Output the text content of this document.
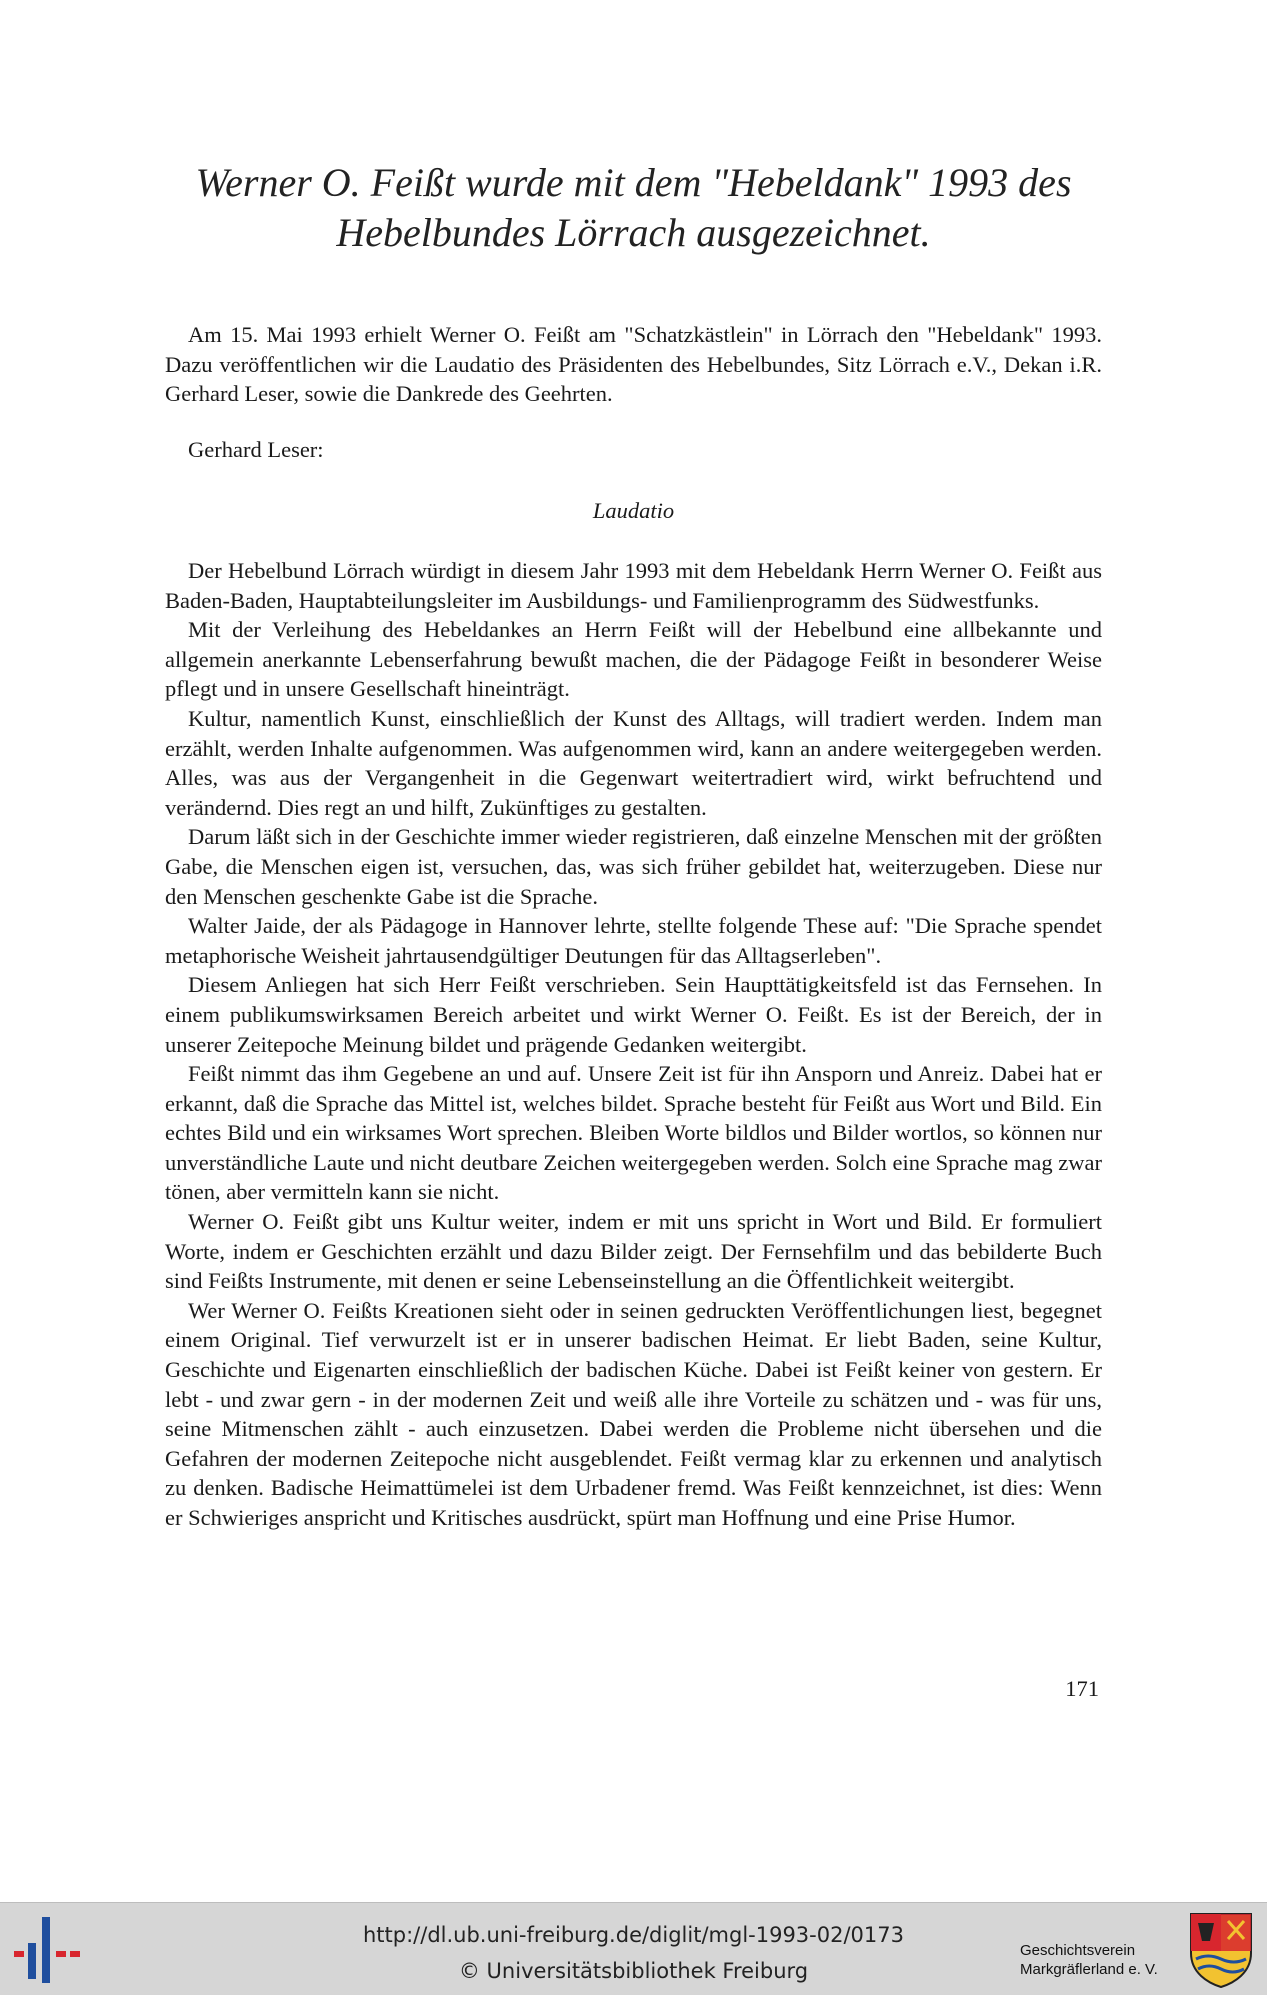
Werner O. Feißt wurde mit dem "Hebeldank" 1993 des
Hebelbundes Lörrach ausgezeichnet.

Am 15. Mai 1993 erhielt Werner O. Feißt am "Schatzkästlein" in Lörrach den "Hebeldank" 1993. Dazu veröffentlichen wir die Laudatio des Präsidenten des Hebelbundes, Sitz Lörrach e.V., Dekan i.R. Gerhard Leser, sowie die Dankrede des Geehrten.

Gerhard Leser:
Laudatio

Der Hebelbund Lörrach würdigt in diesem Jahr 1993 mit dem Hebeldank Herrn Werner O. Feißt aus Baden-Baden, Hauptabteilungsleiter im Ausbildungs- und Familienprogramm des Südwestfunks.

Mit der Verleihung des Hebeldankes an Herrn Feißt will der Hebelbund eine allbekannte und allgemein anerkannte Lebenserfahrung bewußt machen, die der Pädagoge Feißt in besonderer Weise pflegt und in unsere Gesellschaft hineinträgt.

Kultur, namentlich Kunst, einschließlich der Kunst des Alltags, will tradiert werden. Indem man erzählt, werden Inhalte aufgenommen. Was aufgenommen wird, kann an andere weitergegeben werden. Alles, was aus der Vergangenheit in die Gegenwart weitertradiert wird, wirkt befruchtend und verändernd. Dies regt an und hilft, Zukünftiges zu gestalten.

Darum läßt sich in der Geschichte immer wieder registrieren, daß einzelne Menschen mit der größten Gabe, die Menschen eigen ist, versuchen, das, was sich früher gebildet hat, weiterzugeben. Diese nur den Menschen geschenkte Gabe ist die Sprache.

Walter Jaide, der als Pädagoge in Hannover lehrte, stellte folgende These auf: "Die Sprache spendet metaphorische Weisheit jahrtausendgültiger Deutungen für das Alltagserleben".

Diesem Anliegen hat sich Herr Feißt verschrieben. Sein Haupttätigkeitsfeld ist das Fernsehen. In einem publikumswirksamen Bereich arbeitet und wirkt Werner O. Feißt. Es ist der Bereich, der in unserer Zeitepoche Meinung bildet und prägende Gedanken weitergibt.

Feißt nimmt das ihm Gegebene an und auf. Unsere Zeit ist für ihn Ansporn und Anreiz. Dabei hat er erkannt, daß die Sprache das Mittel ist, welches bildet. Sprache besteht für Feißt aus Wort und Bild. Ein echtes Bild und ein wirksames Wort sprechen. Bleiben Worte bildlos und Bilder wortlos, so können nur unverständliche Laute und nicht deutbare Zeichen weitergegeben werden. Solch eine Sprache mag zwar tönen, aber vermitteln kann sie nicht.

Werner O. Feißt gibt uns Kultur weiter, indem er mit uns spricht in Wort und Bild. Er formuliert Worte, indem er Geschichten erzählt und dazu Bilder zeigt. Der Fernsehfilm und das bebilderte Buch sind Feißts Instrumente, mit denen er seine Lebenseinstellung an die Öffentlichkeit weitergibt.

Wer Werner O. Feißts Kreationen sieht oder in seinen gedruckten Veröffentlichungen liest, begegnet einem Original. Tief verwurzelt ist er in unserer badischen Heimat. Er liebt Baden, seine Kultur, Geschichte und Eigenarten einschließlich der badischen Küche. Dabei ist Feißt keiner von gestern. Er lebt - und zwar gern - in der modernen Zeit und weiß alle ihre Vorteile zu schätzen und - was für uns, seine Mitmenschen zählt - auch einzusetzen. Dabei werden die Probleme nicht übersehen und die Gefahren der modernen Zeitepoche nicht ausgeblendet. Feißt vermag klar zu erkennen und analytisch zu denken. Badische Heimattümelei ist dem Urbadener fremd. Was Feißt kennzeichnet, ist dies: Wenn er Schwieriges anspricht und Kritisches ausdrückt, spürt man Hoffnung und eine Prise Humor.

171
http://dl.ub.uni-freiburg.de/diglit/mgl-1993-02/0173
© Universitätsbibliothek Freiburg
Geschichtsverein
Markgräflerland e. V.
